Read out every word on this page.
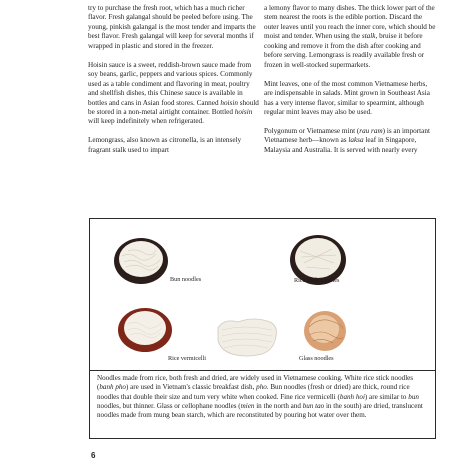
try to purchase the fresh root, which has a much richer flavor. Fresh galangal should be peeled before using. The young, pinkish galangal is the most tender and imparts the best flavor. Fresh galangal will keep for several months if wrapped in plastic and stored in the freezer.

Hoisin sauce is a sweet, reddish-brown sauce made from soy beans, garlic, peppers and various spices. Commonly used as a table condiment and flavoring in meat, poultry and shellfish dishes, this Chinese sauce is available in bottles and cans in Asian food stores. Canned hoisin should be stored in a non-metal airtight container. Bottled hoisin will keep indefinitely when refrigerated.

Lemongrass, also known as citronella, is an intensely fragrant stalk used to impart

a lemony flavor to many dishes. The thick lower part of the stem nearest the roots is the edible portion. Discard the outer leaves until you reach the inner core, which should be moist and tender. When using the stalk, bruise it before cooking and remove it from the dish after cooking and before serving. Lemongrass is readily available fresh or frozen in well-stocked supermarkets.

Mint leaves, one of the most common Vietnamese herbs, are indispensable in salads. Mint grown in Southeast Asia has a very intense flavor, similar to spearmint, although regular mint leaves may also be used.

Polygonum or Vietnamese mint (rau ram) is an important Vietnamese herb—known as laksa leaf in Singapore, Malaysia and Australia. It is served with nearly every

Bun noodles	Rice stick noodles
Rice vermicelli	Glass noodles
Noodles made from rice, both fresh and dried, are widely used in Vietnamese cooking. White rice stick noodles (banh pho) are used in Vietnam's classic breakfast dish, pho. Bun noodles (fresh or dried) are thick, round rice noodles that double their size and turn very white when cooked. Fine rice vermicelli (banh hoi) are similar to bun noodles, but thinner. Glass or cellophane noodles (mien in the north and bun tao in the south) are dried, translucent noodles made from mung bean starch, which are reconstituted by pouring hot water over them.
6
